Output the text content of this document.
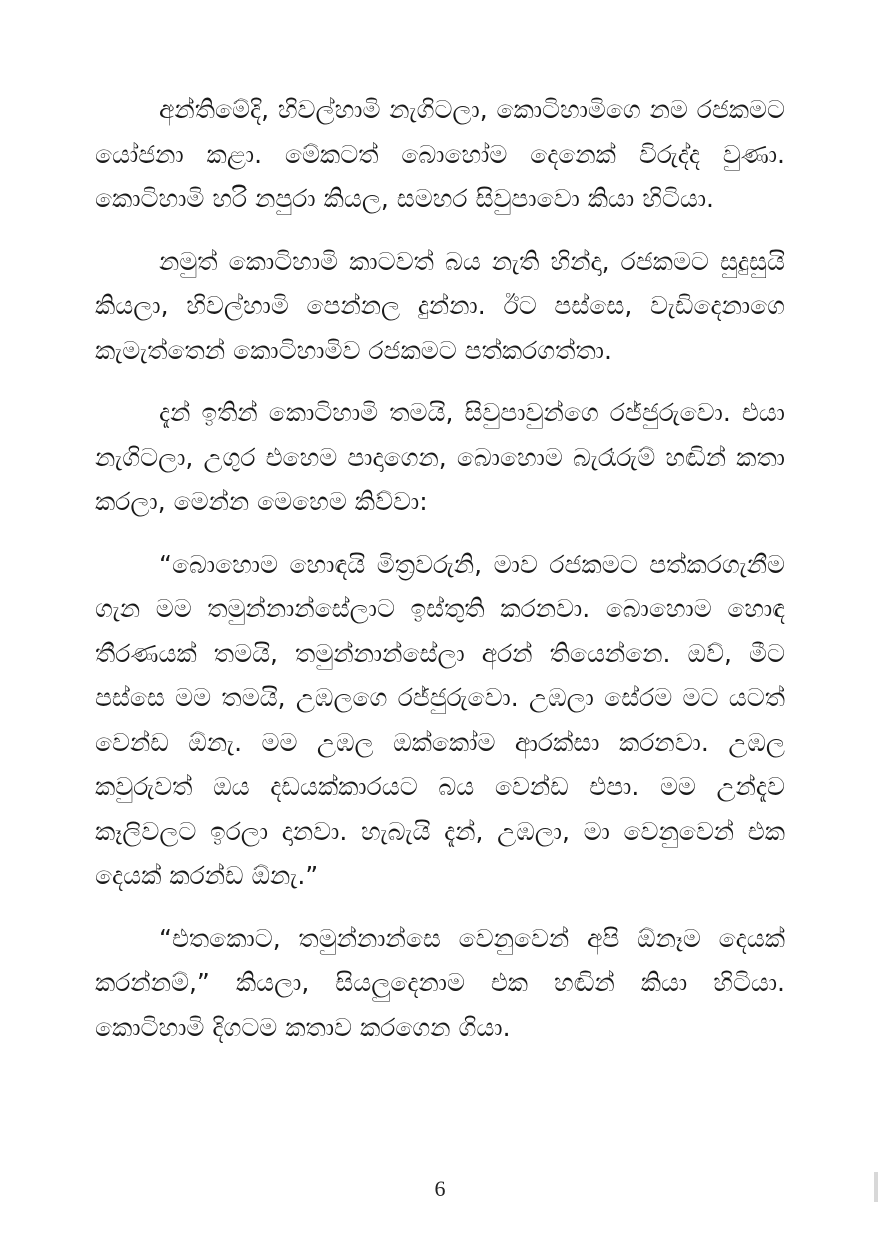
අන්තිමේදි, හිවල්හාමි නැගිටලා, කොටිහාමිගෙ නම රජකමට යෝජනා කළා. මේකටත් බොහෝම දෙනෙක් විරුද්ද වුණා. කොටිහාමි හරි නපුරා කියල, සමහර සිවුපාවො කියා හිටියා.

නමුත් කොටිහාමි කාටවත් බය නැති හින්දා, රජකමට සුදුසුයි කියලා, හිවල්හාමි පෙන්නල දුන්නා. ඊට පස්සෙ, වැඩිදෙනාගෙ කැමැත්තෙන් කොටිහාමිව රජකමට පත්කරගත්තා.

දැන් ඉතින් කොටිහාමි තමයි, සිවුපාවුන්ගෙ රජ්ජුරුවො. එයා නැගිටලා, උගුර එහෙම පාදාගෙන, බොහොම බැරෑරුම් හඬින් කතා කරලා, මෙන්න මෙහෙම කිව්වා:

“බොහොම හොඳයි මිත්‍රවරුනි, මාව රජකමට පත්කරගැනීම ගැන මම තමුන්නාන්සේලාට ඉස්තුති කරනවා. බොහොම හොඳ තීරණයක් තමයි, තමුන්නාන්සේලා අරන් තියෙන්නෙ. ඔව්, මීට පස්සෙ මම තමයි, උඹලගෙ රජ්ජුරුවො. උඹලා සේරම මට යටත් වෙන්ඩ ඕනැ. මම උඹල ඔක්කෝම ආරක්සා කරනවා. උඹල කවුරුවත් ඔය දඩයක්කාරයට බය වෙන්ඩ එපා. මම උන්දැව කෑලිවලට ඉරලා දානවා. හැබැයි දැන්, උඹලා, මා වෙනුවෙන් එක දෙයක් කරන්ඩ ඕනැ.”

“එතකොට, තමුන්නාන්සෙ වෙනුවෙන් අපි ඕනෑම දෙයක් කරන්නම්,” කියලා, සියලුදෙනාම එක හඬින් කියා හිටියා. කොටිහාමි දිගටම කතාව කරගෙන ගියා.

6
